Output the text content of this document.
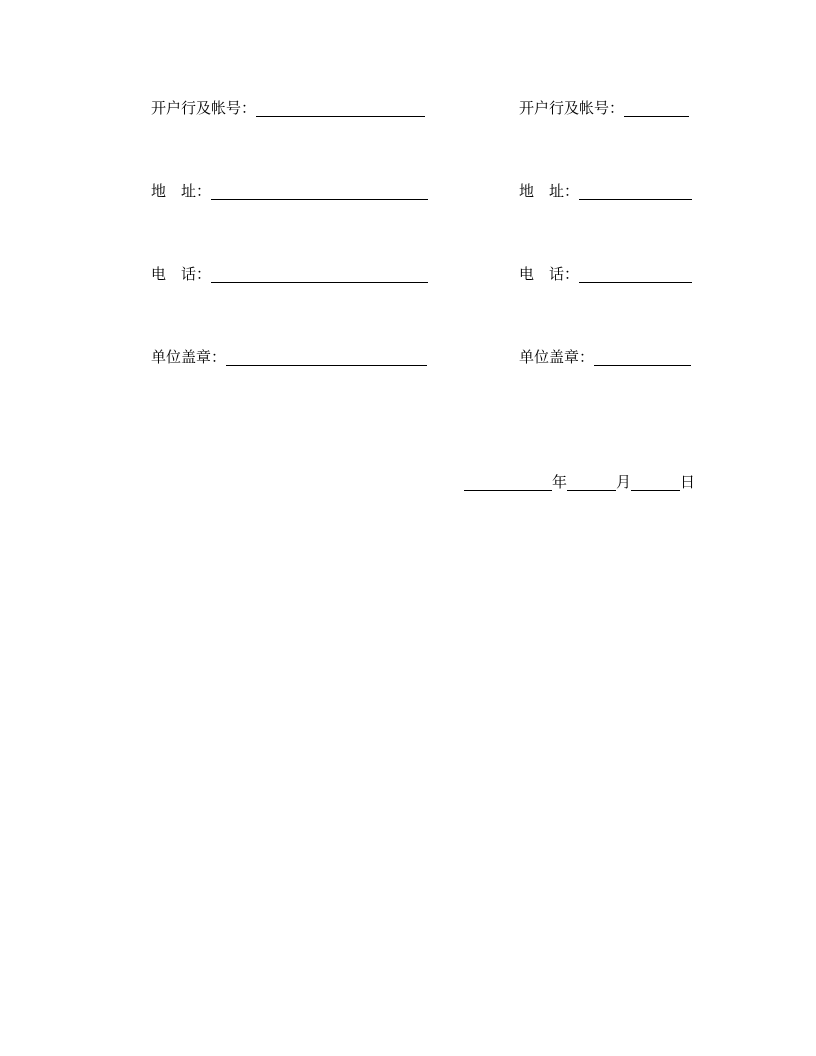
开户行及帐号：
地　址：
电　话：
单位盖章：
开户行及帐号：
地　址：
电　话：
单位盖章：
年	月	日
